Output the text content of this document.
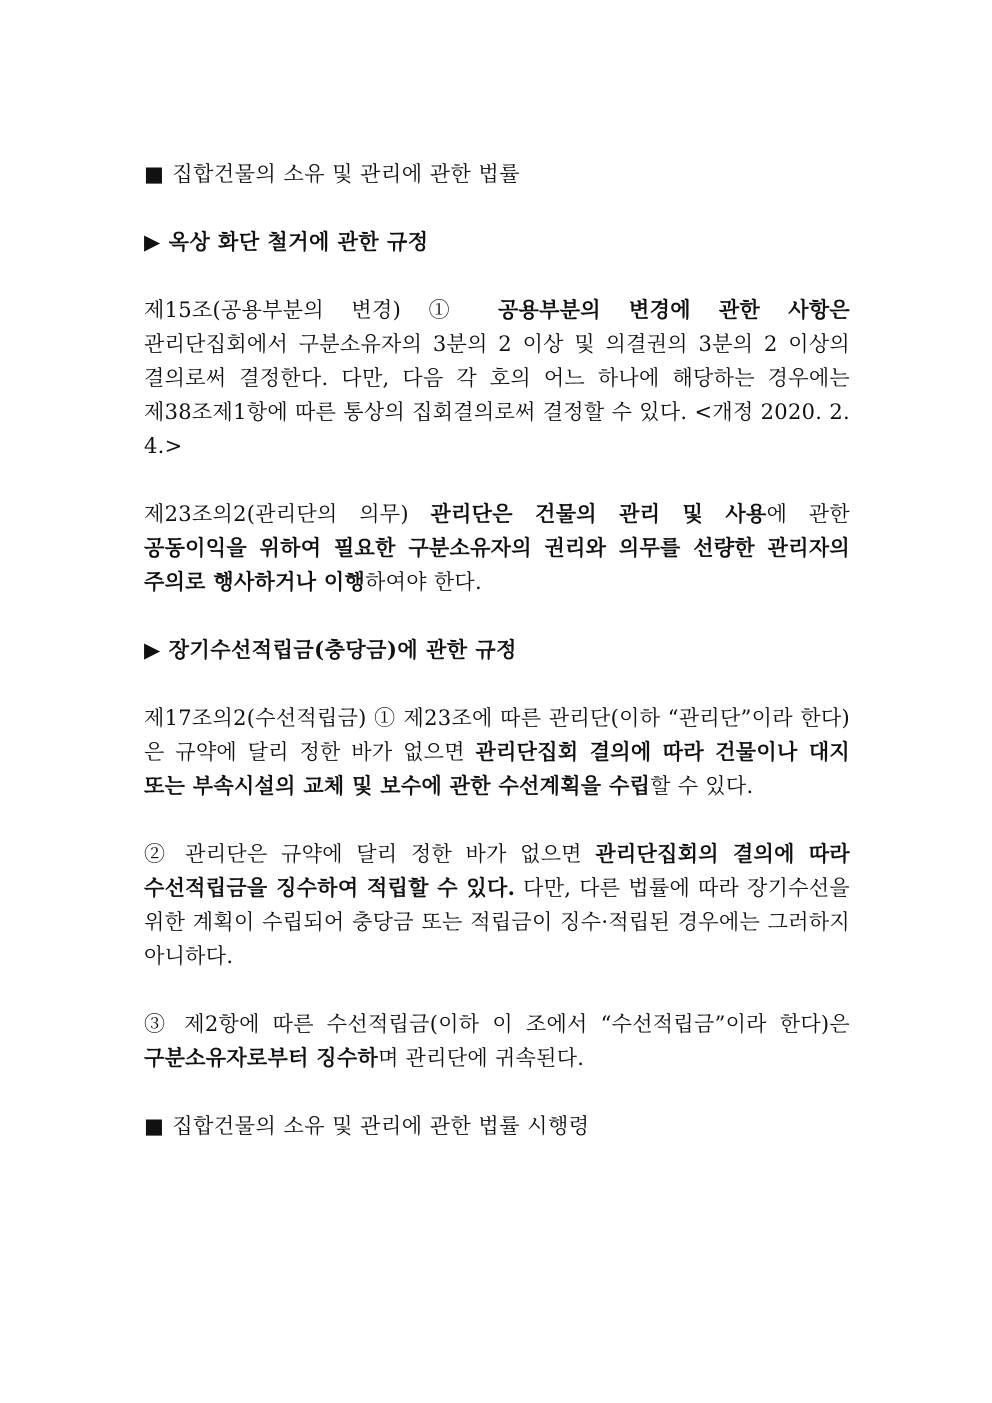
■ 집합건물의 소유 및 관리에 관한 법률

▶ 옥상 화단 철거에 관한 규정

제15조(공용부분의 변경) ① 공용부분의 변경에 관한 사항은 관리단집회에서 구분소유자의 3분의 2 이상 및 의결권의 3분의 2 이상의 결의로써 결정한다. 다만, 다음 각 호의 어느 하나에 해당하는 경우에는 제38조제1항에 따른 통상의 집회결의로써 결정할 수 있다. <개정 2020. 2. 4.>

제23조의2(관리단의 의무) 관리단은 건물의 관리 및 사용에 관한 공동이익을 위하여 필요한 구분소유자의 권리와 의무를 선량한 관리자의 주의로 행사하거나 이행하여야 한다.

▶ 장기수선적립금(충당금)에 관한 규정

제17조의2(수선적립금) ① 제23조에 따른 관리단(이하 “관리단”이라 한다)은 규약에 달리 정한 바가 없으면 관리단집회 결의에 따라 건물이나 대지 또는 부속시설의 교체 및 보수에 관한 수선계획을 수립할 수 있다.

② 관리단은 규약에 달리 정한 바가 없으면 관리단집회의 결의에 따라 수선적립금을 징수하여 적립할 수 있다. 다만, 다른 법률에 따라 장기수선을 위한 계획이 수립되어 충당금 또는 적립금이 징수·적립된 경우에는 그러하지 아니하다.

③ 제2항에 따른 수선적립금(이하 이 조에서 “수선적립금”이라 한다)은 구분소유자로부터 징수하며 관리단에 귀속된다.

■ 집합건물의 소유 및 관리에 관한 법률 시행령
